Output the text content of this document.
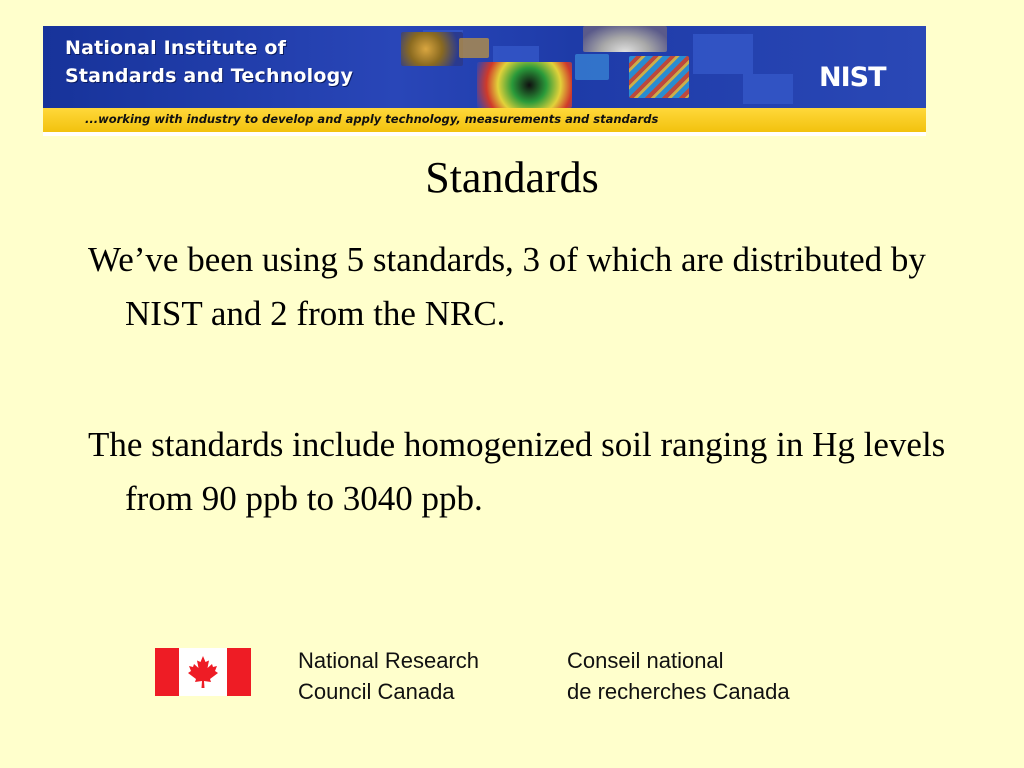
National Institute of
Standards and Technology	NIST
...working with industry to develop and apply technology, measurements and standards
Standards
We’ve been using 5 standards, 3 of which are distributed by NIST and 2 from the NRC.
The standards include homogenized soil ranging in Hg levels from 90 ppb to 3040 ppb.
National Research
Council Canada
Conseil national
de recherches Canada
